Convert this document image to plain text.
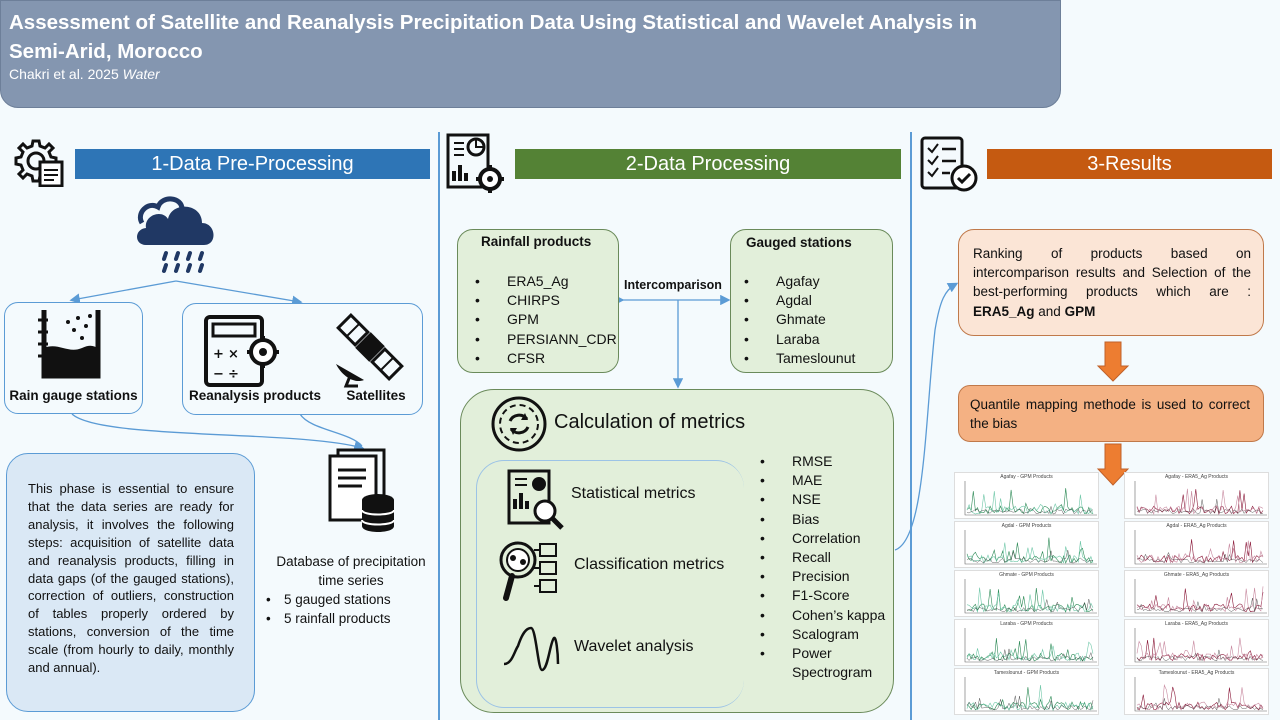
Assessment of Satellite and Reanalysis Precipitation Data Using Statistical and Wavelet Analysis in Semi-Arid, Morocco
Chakri et al. 2025 Water
1-Data Pre-Processing
Rain gauge stations
+ ×
− ÷
Reanalysis products	Satellites
This phase is essential to ensure that the data series are ready for analysis, it involves the following steps: acquisition of satellite data and reanalysis products, filling in data gaps (of the gauged stations), correction of outliers, construction of tables properly ordered by stations, conversion of the time scale (from hourly to daily, monthly and annual).
Database of precipitation time series
• 5 gauged stations
• 5 rainfall products
2-Data Processing
Rainfall products
• ERA5_Ag
• CHIRPS
• GPM
• PERSIANN_CDR
• CFSR
Intercomparison
Gauged stations
• Agafay
• Agdal
• Ghmate
• Laraba
• Tameslounut
Calculation of metrics
Statistical metrics
Classification metrics
Wavelet analysis
• RMSE
• MAE
• NSE
• Bias
• Correlation
• Recall
• Precision
• F1-Score
• Cohen’s kappa
• Scalogram
• Power Spectrogram
3-Results
Ranking of products based on intercomparison results and Selection of the best-performing products which are : ERA5_Ag and GPM
Quantile mapping methode is used to correct the bias
Agafay - GPM Products
Agdal - GPM Products
Ghmate - GPM Products
Laraba - GPM Products
Tameslounut - GPM Products
Agafay - ERA5_Ag Products
Agdal - ERA5_Ag Products
Ghmate - ERA5_Ag Products
Laraba - ERA5_Ag Products
Tameslounut - ERA5_Ag Products
